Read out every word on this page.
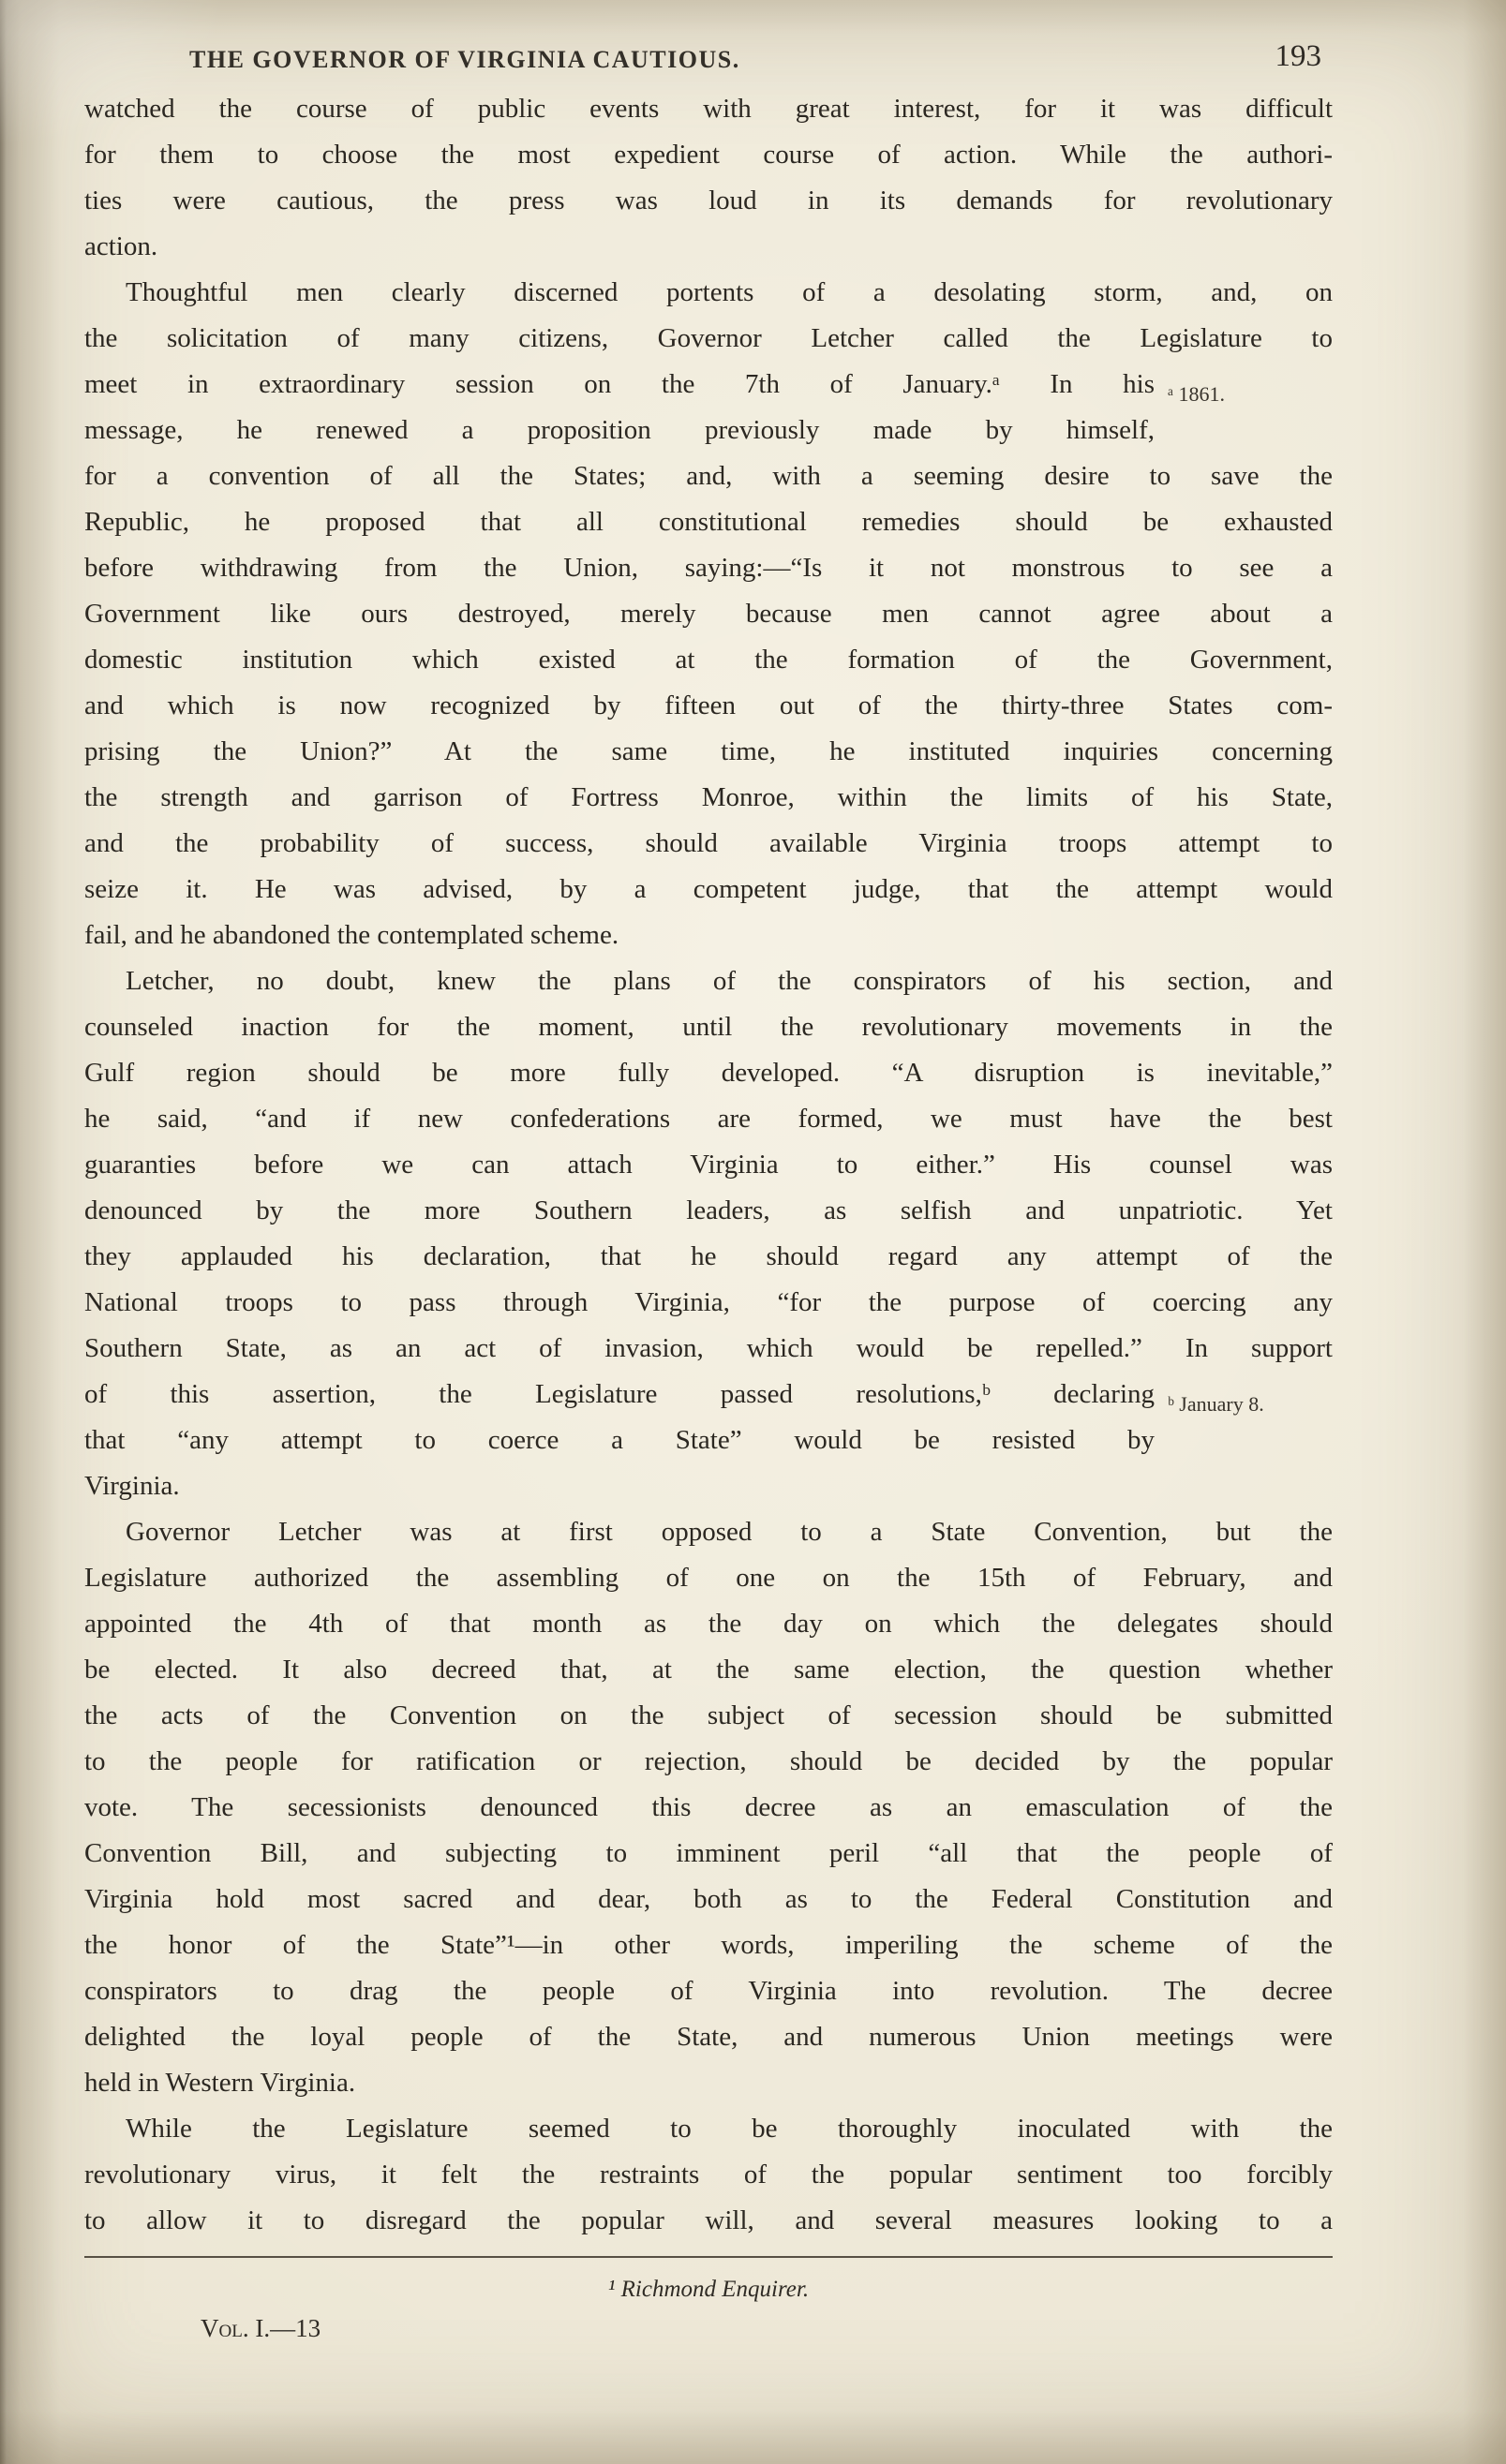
THE GOVERNOR OF VIRGINIA CAUTIOUS.	193
watched the course of public events with great interest, for it was difficult
for them to choose the most expedient course of action. While the authori-
ties were cautious, the press was loud in its demands for revolutionary
action.
Thoughtful men clearly discerned portents of a desolating storm, and, on
the solicitation of many citizens, Governor Letcher called the Legislature to
meet in extraordinary session on the 7th of January.ᵃ In his
message, he renewed a proposition previously made by himself,
for a convention of all the States; and, with a seeming desire to save the
Republic, he proposed that all constitutional remedies should be exhausted
before withdrawing from the Union, saying:—“Is it not monstrous to see a
Government like ours destroyed, merely because men cannot agree about a
domestic institution which existed at the formation of the Government,
and which is now recognized by fifteen out of the thirty-three States com-
prising the Union?” At the same time, he instituted inquiries concerning
the strength and garrison of Fortress Monroe, within the limits of his State,
and the probability of success, should available Virginia troops attempt to
seize it. He was advised, by a competent judge, that the attempt would
fail, and he abandoned the contemplated scheme.
ᵃ 1861.
Letcher, no doubt, knew the plans of the conspirators of his section, and
counseled inaction for the moment, until the revolutionary movements in the
Gulf region should be more fully developed. “A disruption is inevitable,”
he said, “and if new confederations are formed, we must have the best
guaranties before we can attach Virginia to either.” His counsel was
denounced by the more Southern leaders, as selfish and unpatriotic. Yet
they applauded his declaration, that he should regard any attempt of the
National troops to pass through Virginia, “for the purpose of coercing any
Southern State, as an act of invasion, which would be repelled.” In support
of this assertion, the Legislature passed resolutions,ᵇ declaring
that “any attempt to coerce a State” would be resisted by
Virginia.
ᵇ January 8.
Governor Letcher was at first opposed to a State Convention, but the
Legislature authorized the assembling of one on the 15th of February, and
appointed the 4th of that month as the day on which the delegates should
be elected. It also decreed that, at the same election, the question whether
the acts of the Convention on the subject of secession should be submitted
to the people for ratification or rejection, should be decided by the popular
vote. The secessionists denounced this decree as an emasculation of the
Convention Bill, and subjecting to imminent peril “all that the people of
Virginia hold most sacred and dear, both as to the Federal Constitution and
the honor of the State”¹—in other words, imperiling the scheme of the
conspirators to drag the people of Virginia into revolution. The decree
delighted the loyal people of the State, and numerous Union meetings were
held in Western Virginia.
While the Legislature seemed to be thoroughly inoculated with the
revolutionary virus, it felt the restraints of the popular sentiment too forcibly
to allow it to disregard the popular will, and several measures looking to a
¹ Richmond Enquirer.
Vol. I.—13
